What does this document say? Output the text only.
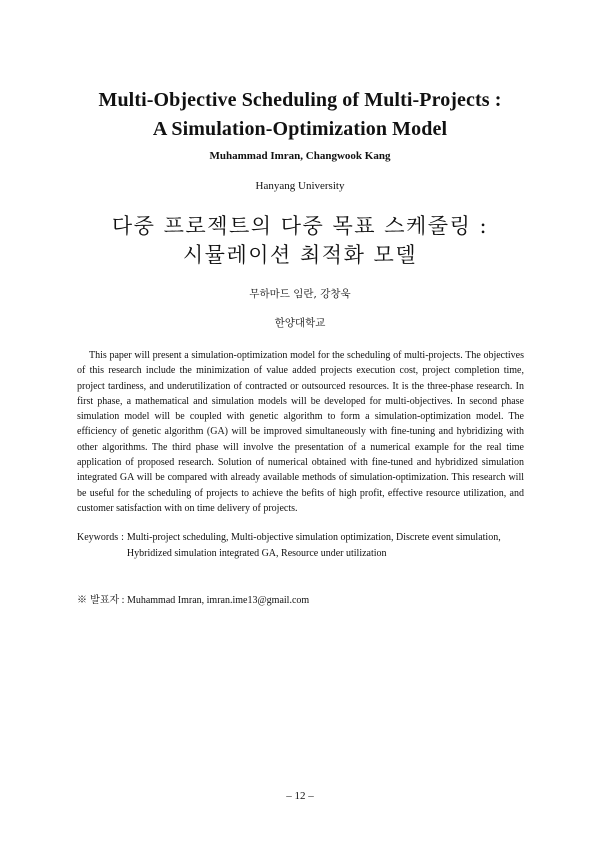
Multi-Objective Scheduling of Multi-Projects :
A Simulation-Optimization Model
Muhammad Imran, Changwook Kang
Hanyang University
다중 프로젝트의 다중 목표 스케줄링 :
시뮬레이션 최적화 모델
무하마드 임란, 강창욱
한양대학교

This paper will present a simulation-optimization model for the scheduling of multi-projects. The objectives of this research include the minimization of value added projects execution cost, project completion time, project tardiness, and underutilization of contracted or outsourced resources. It is the three-phase research. In first phase, a mathematical and simulation models will be developed for multi-objectives. In second phase simulation model will be coupled with genetic algorithm to form a simulation-optimization model. The efficiency of genetic algorithm (GA) will be improved simultaneously with fine-tuning and hybridizing with other algorithms. The third phase will involve the presentation of a numerical example for the real time application of proposed research. Solution of numerical obtained with fine-tuned and hybridized simulation integrated GA will be compared with already available methods of simulation-optimization. This research will be useful for the scheduling of projects to achieve the befits of high profit, effective resource utilization, and customer satisfaction with on time delivery of projects.

Keywords : Multi-project scheduling, Multi-objective simulation optimization, Discrete event simulation, Hybridized simulation integrated GA, Resource under utilization
※ 발표자 : Muhammad Imran, imran.ime13@gmail.com
– 12 –
